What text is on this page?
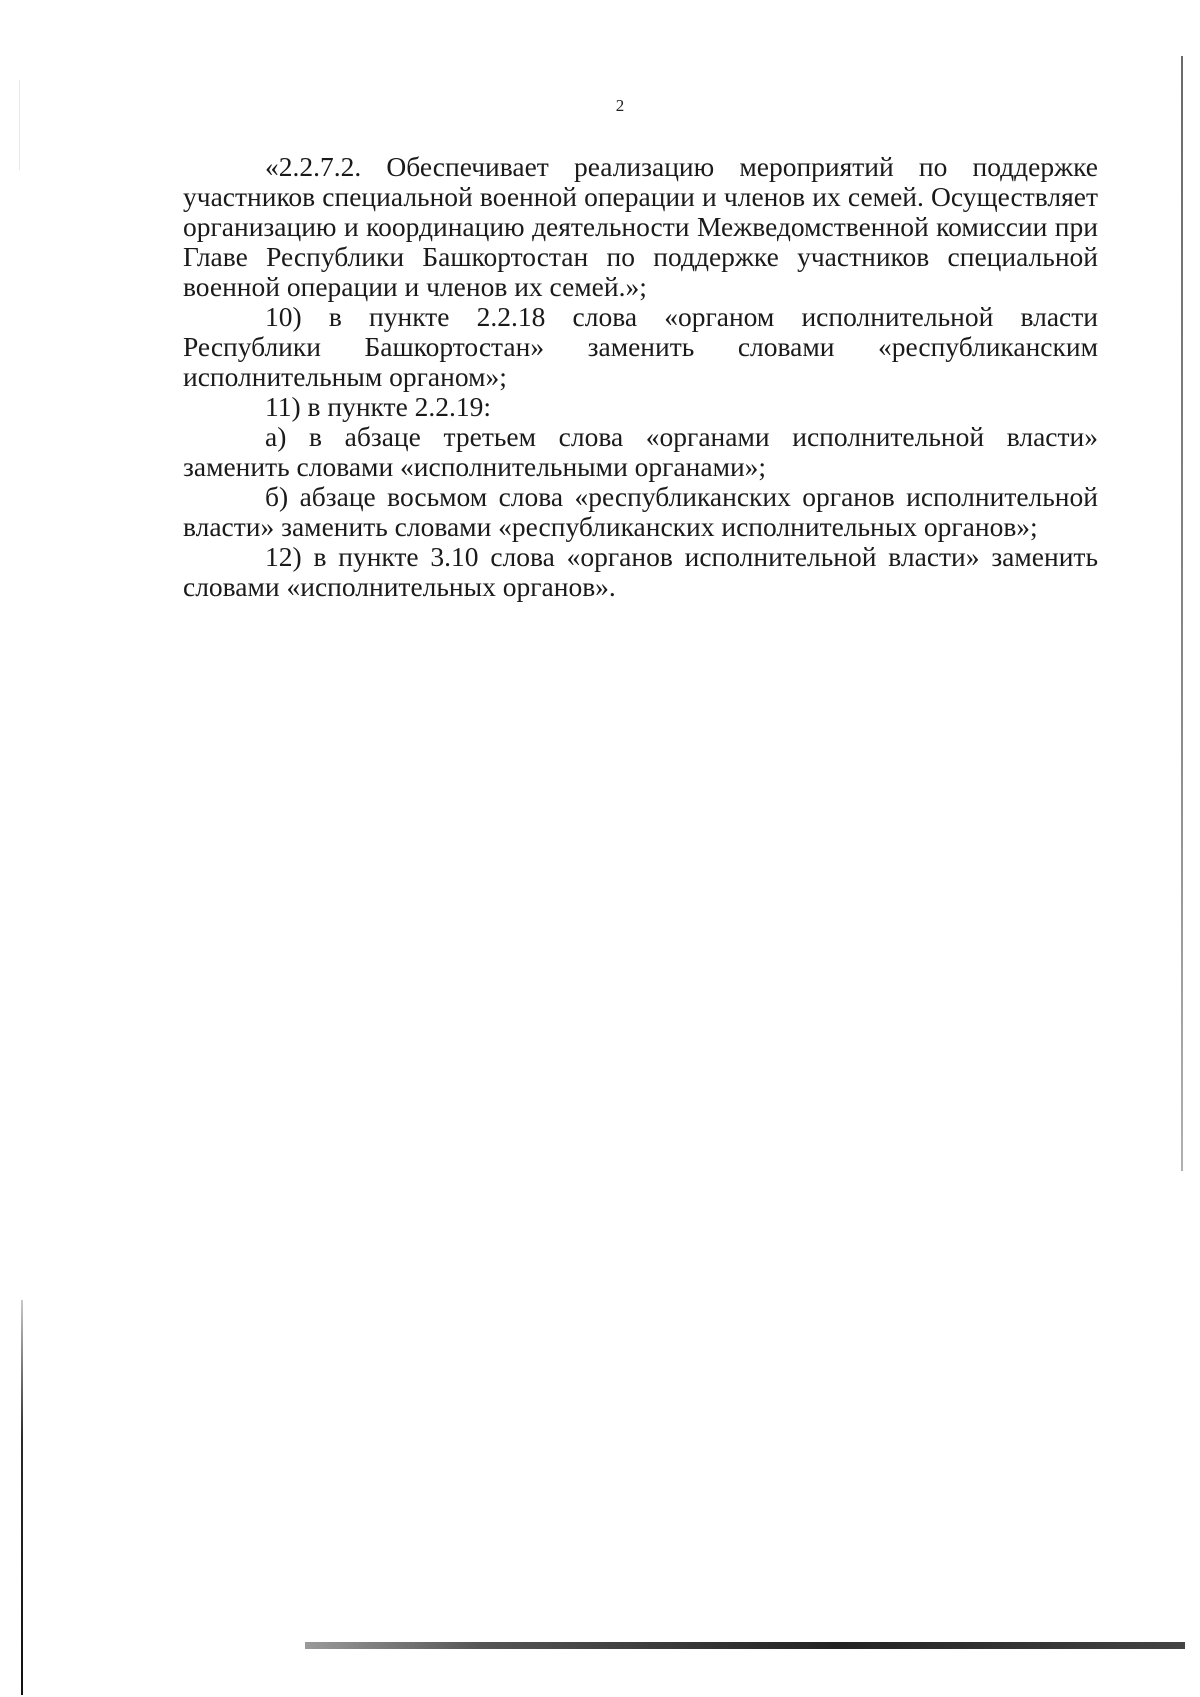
2

«2.2.7.2. Обеспечивает реализацию мероприятий по поддержке участников специальной военной операции и членов их семей. Осуществляет организацию и координацию деятельности Межведомственной комиссии при Главе Республики Башкортостан по поддержке участников специальной военной операции и членов их семей.»;

10) в пункте 2.2.18 слова «органом исполнительной власти Республики Башкортостан» заменить словами «республиканским исполнительным органом»;

11) в пункте 2.2.19:

а) в абзаце третьем слова «органами исполнительной власти» заменить словами «исполнительными органами»;

б) абзаце восьмом слова «республиканских органов исполнительной власти» заменить словами «республиканских исполнительных органов»;

12) в пункте 3.10 слова «органов исполнительной власти» заменить словами «исполнительных органов».
